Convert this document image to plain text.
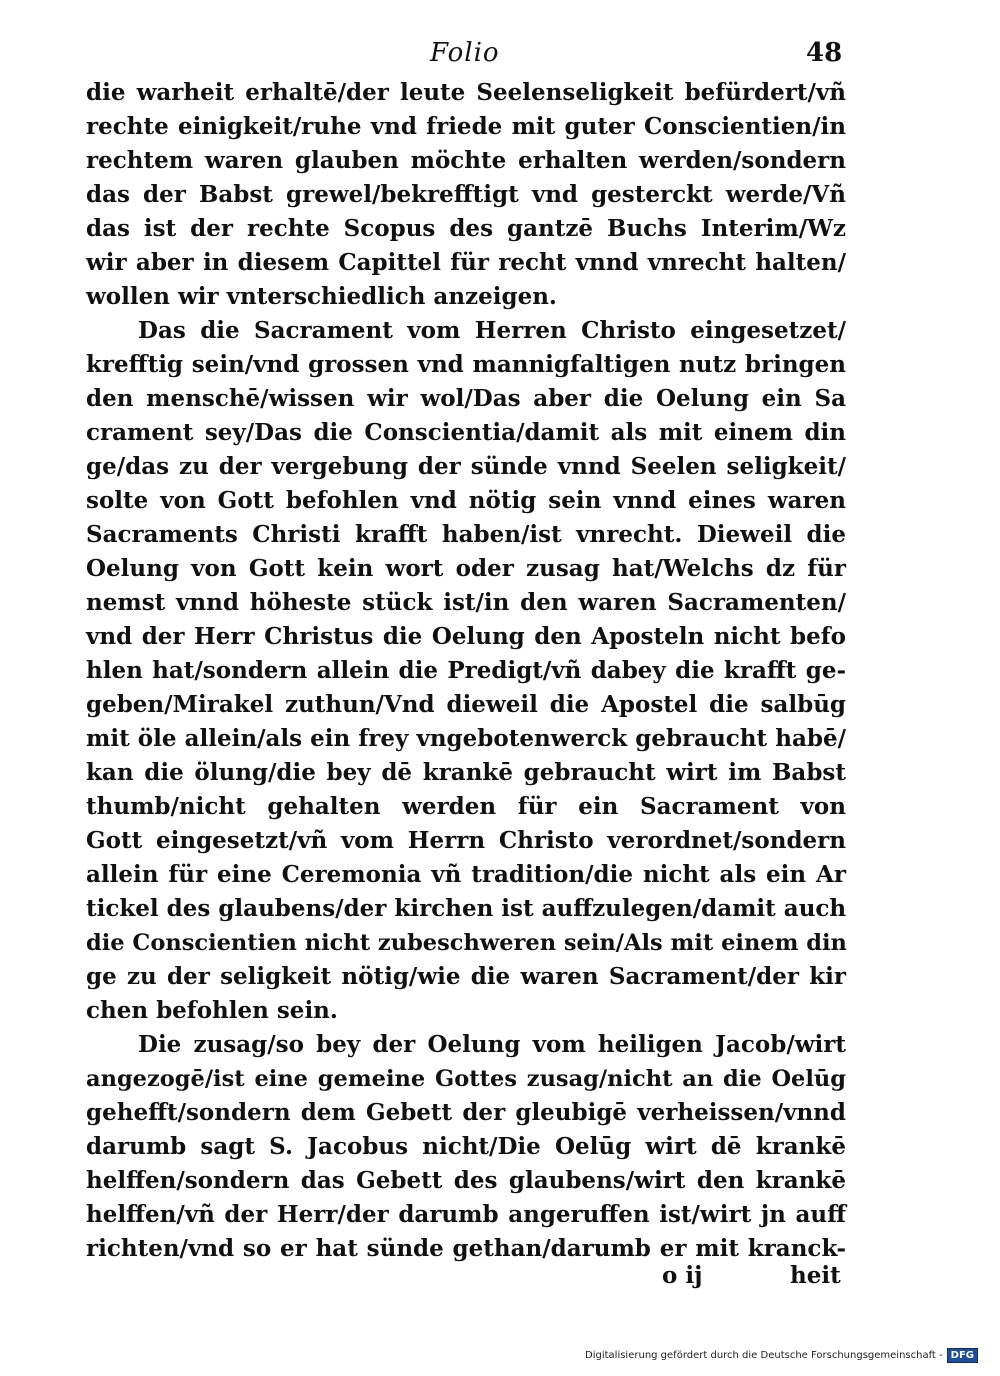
Folio	48
die warheit erhaltē/der leute Seelenseligkeit befürdert/vñ
rechte einigkeit/ruhe vnd friede mit guter Conscientien/in
rechtem waren glauben möchte erhalten werden/sondern
das der Babst grewel/bekrefftigt vnd gesterckt werde/Vñ
das ist der rechte Scopus des gantzē Buchs Interim/Wz
wir aber in diesem Capittel für recht vnnd vnrecht halten/
wollen wir vnterschiedlich anzeigen.
Das die Sacrament vom Herren Christo eingesetzet/
krefftig sein/vnd grossen vnd mannigfaltigen nutz bringen
den menschē/wissen wir wol/Das aber die Oelung ein Sa
crament sey/Das die Conscientia/damit als mit einem din
ge/das zu der vergebung der sünde vnnd Seelen seligkeit/
solte von Gott befohlen vnd nötig sein vnnd eines waren
Sacraments Christi krafft haben/ist vnrecht. Dieweil die
Oelung von Gott kein wort oder zusag hat/Welchs dz für
nemst vnnd höheste stück ist/in den waren Sacramenten/
vnd der Herr Christus die Oelung den Aposteln nicht befo
hlen hat/sondern allein die Predigt/vñ dabey die krafft ge-
geben/Mirakel zuthun/Vnd dieweil die Apostel die salbūg
mit öle allein/als ein frey vngebotenwerck gebraucht habē/
kan die ölung/die bey dē krankē gebraucht wirt im Babst
thumb/nicht gehalten werden für ein Sacrament von
Gott eingesetzt/vñ vom Herrn Christo verordnet/sondern
allein für eine Ceremonia vñ tradition/die nicht als ein Ar
tickel des glaubens/der kirchen ist auffzulegen/damit auch
die Conscientien nicht zubeschweren sein/Als mit einem din
ge zu der seligkeit nötig/wie die waren Sacrament/der kir
chen befohlen sein.
Die zusag/so bey der Oelung vom heiligen Jacob/wirt
angezogē/ist eine gemeine Gottes zusag/nicht an die Oelūg
gehefft/sondern dem Gebett der gleubigē verheissen/vnnd
darumb sagt S. Jacobus nicht/Die Oelūg wirt dē krankē
helffen/sondern das Gebett des glaubens/wirt den krankē
helffen/vñ der Herr/der darumb angeruffen ist/wirt jn auff
richten/vnd so er hat sünde gethan/darumb er mit kranck-
o ij	heit
Digitalisierung gefördert durch die Deutsche Forschungsgemeinschaft - DFG
